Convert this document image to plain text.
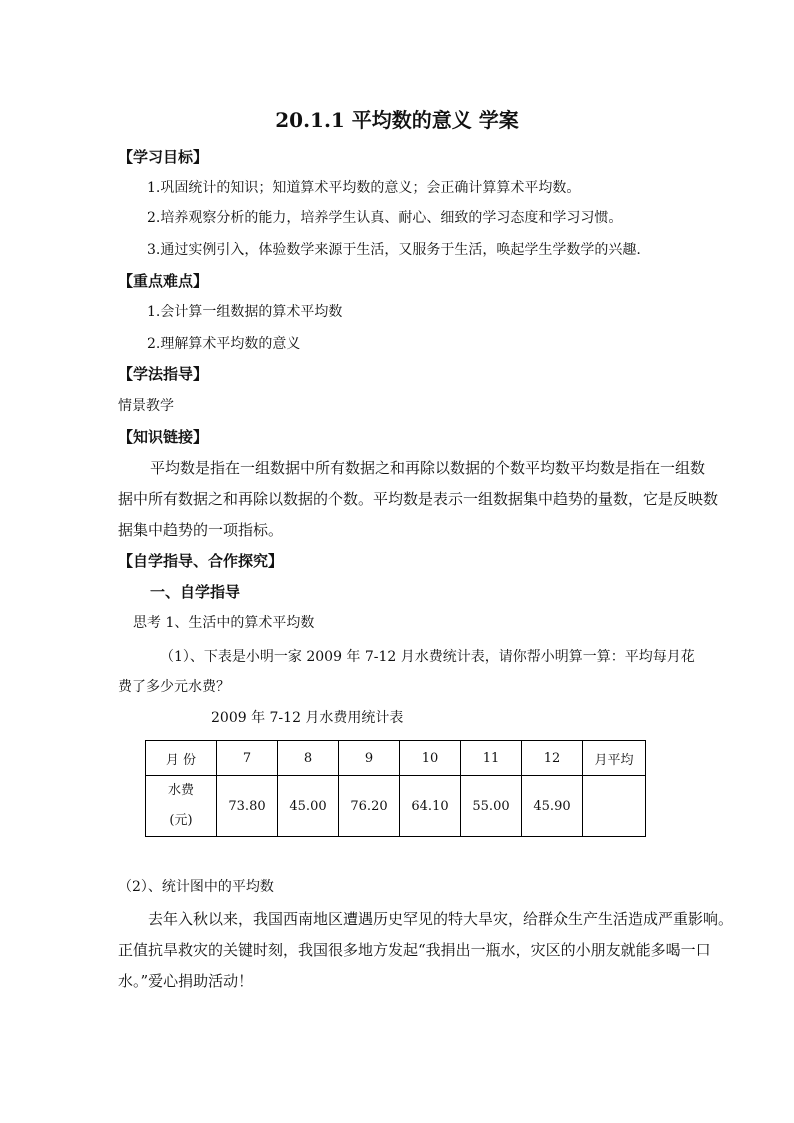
20.1.1 平均数的意义 学案
【学习目标】
1.巩固统计的知识；知道算术平均数的意义；会正确计算算术平均数。
2.培养观察分析的能力，培养学生认真、耐心、细致的学习态度和学习习惯。
3.通过实例引入，体验数学来源于生活，又服务于生活，唤起学生学数学的兴趣.
【重点难点】
1.会计算一组数据的算术平均数
2.理解算术平均数的意义
【学法指导】
情景教学
【知识链接】
平均数是指在一组数据中所有数据之和再除以数据的个数平均数平均数是指在一组数
据中所有数据之和再除以数据的个数。平均数是表示一组数据集中趋势的量数，它是反映数
据集中趋势的一项指标。
【自学指导、合作探究】
一、自学指导
思考 1、生活中的算术平均数
（1）、下表是小明一家 2009 年 7-12 月水费统计表，请你帮小明算一算：平均每月花
费了多少元水费？
2009 年 7-12 月水费用统计表
月 份	7	8	9	10	11	12	月平均

水费
(元)	73.80	45.00	76.20	64.10	55.00	45.90	
（2）、统计图中的平均数
去年入秋以来，我国西南地区遭遇历史罕见的特大旱灾，给群众生产生活造成严重影响。
正值抗旱救灾的关键时刻，我国很多地方发起“我捐出一瓶水，灾区的小朋友就能多喝一口
水。”爱心捐助活动！
